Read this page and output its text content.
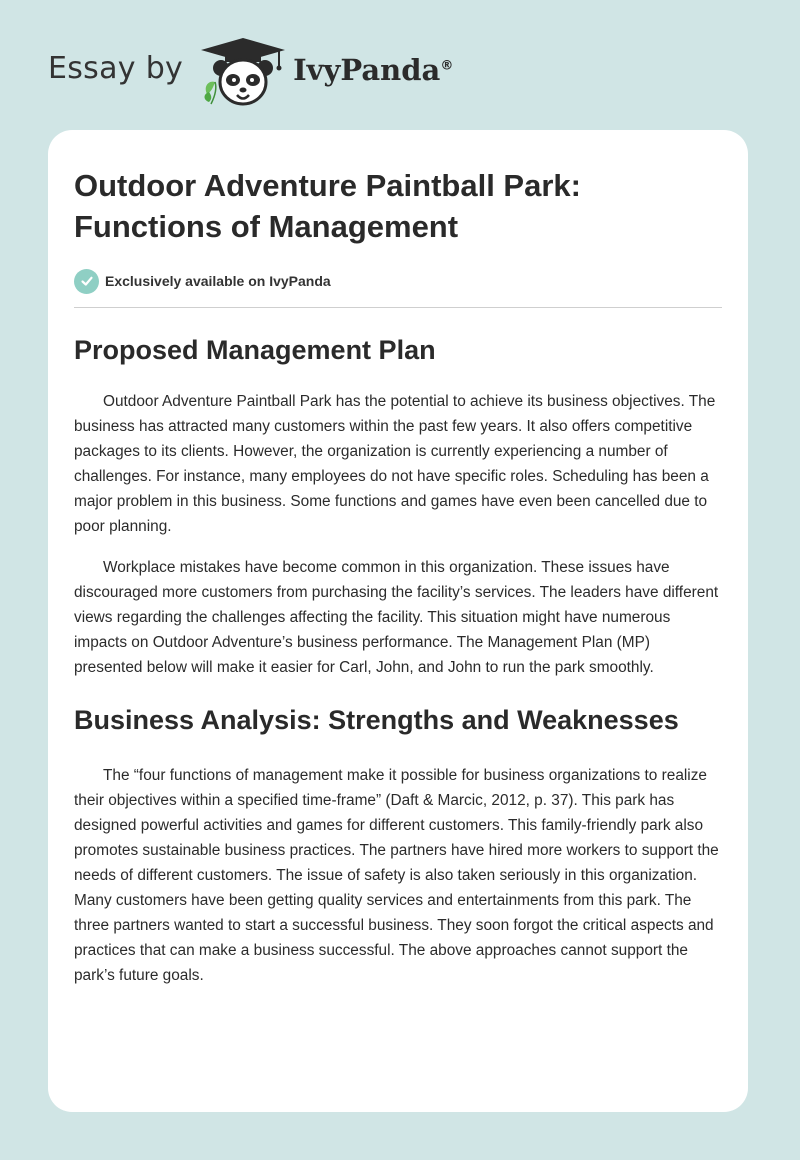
Essay by	IvyPanda®
Outdoor Adventure Paintball Park: Functions of Management
Exclusively available on IvyPanda
Proposed Management Plan

Outdoor Adventure Paintball Park has the potential to achieve its business objectives. The business has attracted many customers within the past few years. It also offers competitive packages to its clients. However, the organization is currently experiencing a number of challenges. For instance, many employees do not have specific roles. Scheduling has been a major problem in this business. Some functions and games have even been cancelled due to poor planning.

Workplace mistakes have become common in this organization. These issues have discouraged more customers from purchasing the facility’s services. The leaders have different views regarding the challenges affecting the facility. This situation might have numerous impacts on Outdoor Adventure’s business performance. The Management Plan (MP) presented below will make it easier for Carl, John, and John to run the park smoothly.

Business Analysis: Strengths and Weaknesses

The “four functions of management make it possible for business organizations to realize their objectives within a specified time-frame” (Daft & Marcic, 2012, p. 37). This park has designed powerful activities and games for different customers. This family-friendly park also promotes sustainable business practices. The partners have hired more workers to support the needs of different customers. The issue of safety is also taken seriously in this organization. Many customers have been getting quality services and entertainments from this park. The three partners wanted to start a successful business. They soon forgot the critical aspects and practices that can make a business successful. The above approaches cannot support the park’s future goals.
